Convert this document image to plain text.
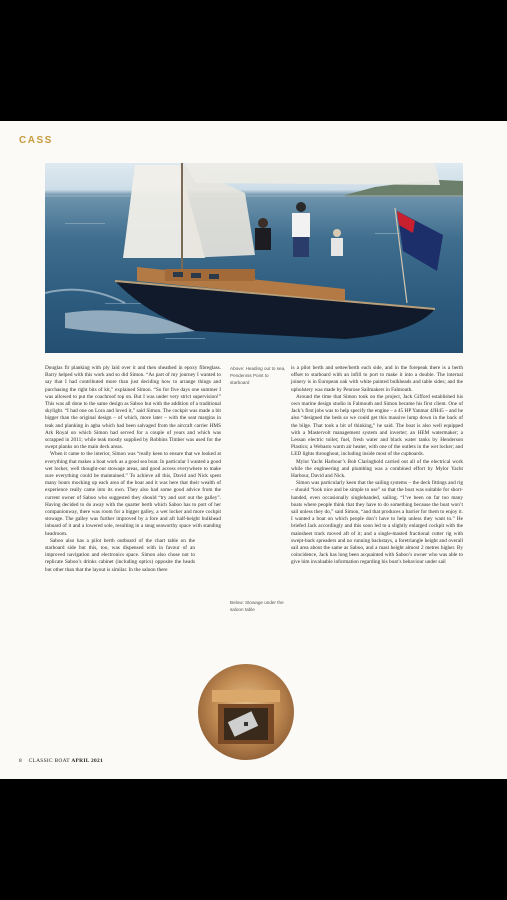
CASS

Douglas fir planking with ply laid over it and then sheathed in epoxy fibreglass. Barry helped with this work and so did Simon. “As part of my journey I wanted to say that I had contributed more than just deciding how to arrange things and purchasing the right bits of kit,” explained Simon. “So for five days one summer I was allowed to put the coachroof top on. But I was under very strict supervision!” This was all done to the same design as Saboo but with the addition of a traditional skylight. “I had one on Lora and loved it,” said Simon. The cockpit was made a bit bigger than the original design – of which, more later – with the seat margins in teak and planking in agba which had been salvaged from the aircraft carrier HMS Ark Royal on which Simon had served for a couple of years and which was scrapped in 2011; while teak mostly supplied by Robbins Timber was used for the swept planks on the main deck areas.

When it came to the interior, Simon was “really keen to ensure that we looked at everything that makes a boat work as a good sea boat. In particular I wanted a good wet locker, well thought-out stowage areas, and good access everywhere to make sure everything could be maintained.” To achieve all this, David and Nick spent many hours mocking up each area of the boat and it was here that their wealth of experience really came into its own. They also had some good advice from the current owner of Saboo who suggested they should “try and sort out the galley”. Having decided to do away with the quarter berth which Saboo has to port of her companionway, there was room for a bigger galley, a wet locker and more cockpit stowage. The galley was further improved by a fore and aft half-height bulkhead inboard of it and a lowered sole, resulting in a snug seaworthy space with standing headroom.

Saboo also has a pilot berth outboard of the chart table on the starboard side but this, too, was dispensed with in favour of an improved navigation and electronics space. Simon also chose not to replicate Saboo’s drinks cabinet (including optics) opposite the heads but other than that the layout is similar. In the saloon there

Above: Heading out to sea, Pendennis Point to starboard
Below: Stowage under the saloon table

is a pilot berth and settee/berth each side, and in the forepeak there is a berth offset to starboard with an infill to port to make it into a double. The internal joinery is in European oak with white painted bulkheads and table sides; and the upholstery was made by Penrose Sailmakers in Falmouth.

Around the time that Simon took on the project, Jack Gifford established his own marine design studio in Falmouth and Simon became his first client. One of Jack’s first jobs was to help specify the engine – a 45 HP Yanmar 4JH45 – and he also “designed the beds so we could get this massive lump down in the back of the bilge. That took a bit of thinking,” he said. The boat is also well equipped with a Mastervolt management system and inverter; an HEM watermaker; a Lessan electric toilet; fuel, fresh water and black water tanks by Henderson Plastics; a Webasto warm air heater, with one of the outlets in the wet locker; and LED lights throughout, including inside most of the cupboards.

Mylor Yacht Harbour’s Bob Claringbold carried out all of the electrical work while the engineering and plumbing was a combined effort by Mylor Yacht Harbour, David and Nick.

Simon was particularly keen that the sailing systems – the deck fittings and rig – should “look nice and be simple to use” so that the boat was suitable for short-handed, even occasionally singlehanded, sailing. “I’ve been on far too many boats where people think that they have to do something because the boat won’t sail unless they do,” said Simon, “and that produces a barrier for them to enjoy it. I wanted a boat on which people don’t have to help unless they want to.” He briefed Jack accordingly and this soon led to a slightly enlarged cockpit with the mainsheet track moved aft of it; and a single-masted fractional cutter rig with swept-back spreaders and no running backstays, a foretriangle height and overall sail area about the same as Saboo, and a mast height almost 2 metres higher. By coincidence, Jack has long been acquainted with Saboo’s owner who was able to give him invaluable information regarding his boat’s behaviour under sail

8 CLASSIC BOAT APRIL 2021
